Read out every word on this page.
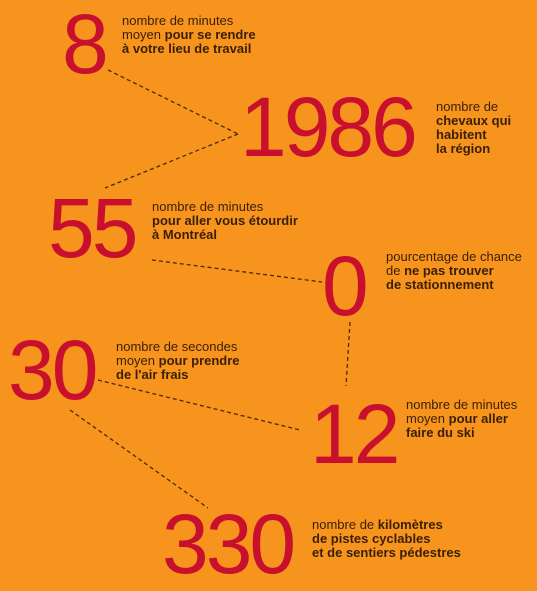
8 nombre de minutes
moyen pour se rendre
à votre lieu de travail
1986 nombre de
chevaux qui
habitent
la région
55 nombre de minutes
pour aller vous étourdir
à Montréal
0 pourcentage de chance
de ne pas trouver
de stationnement
30 nombre de secondes
moyen pour prendre
de l'air frais
12 nombre de minutes
moyen pour aller
faire du ski
330 nombre de kilomètres
de pistes cyclables
et de sentiers pédestres
